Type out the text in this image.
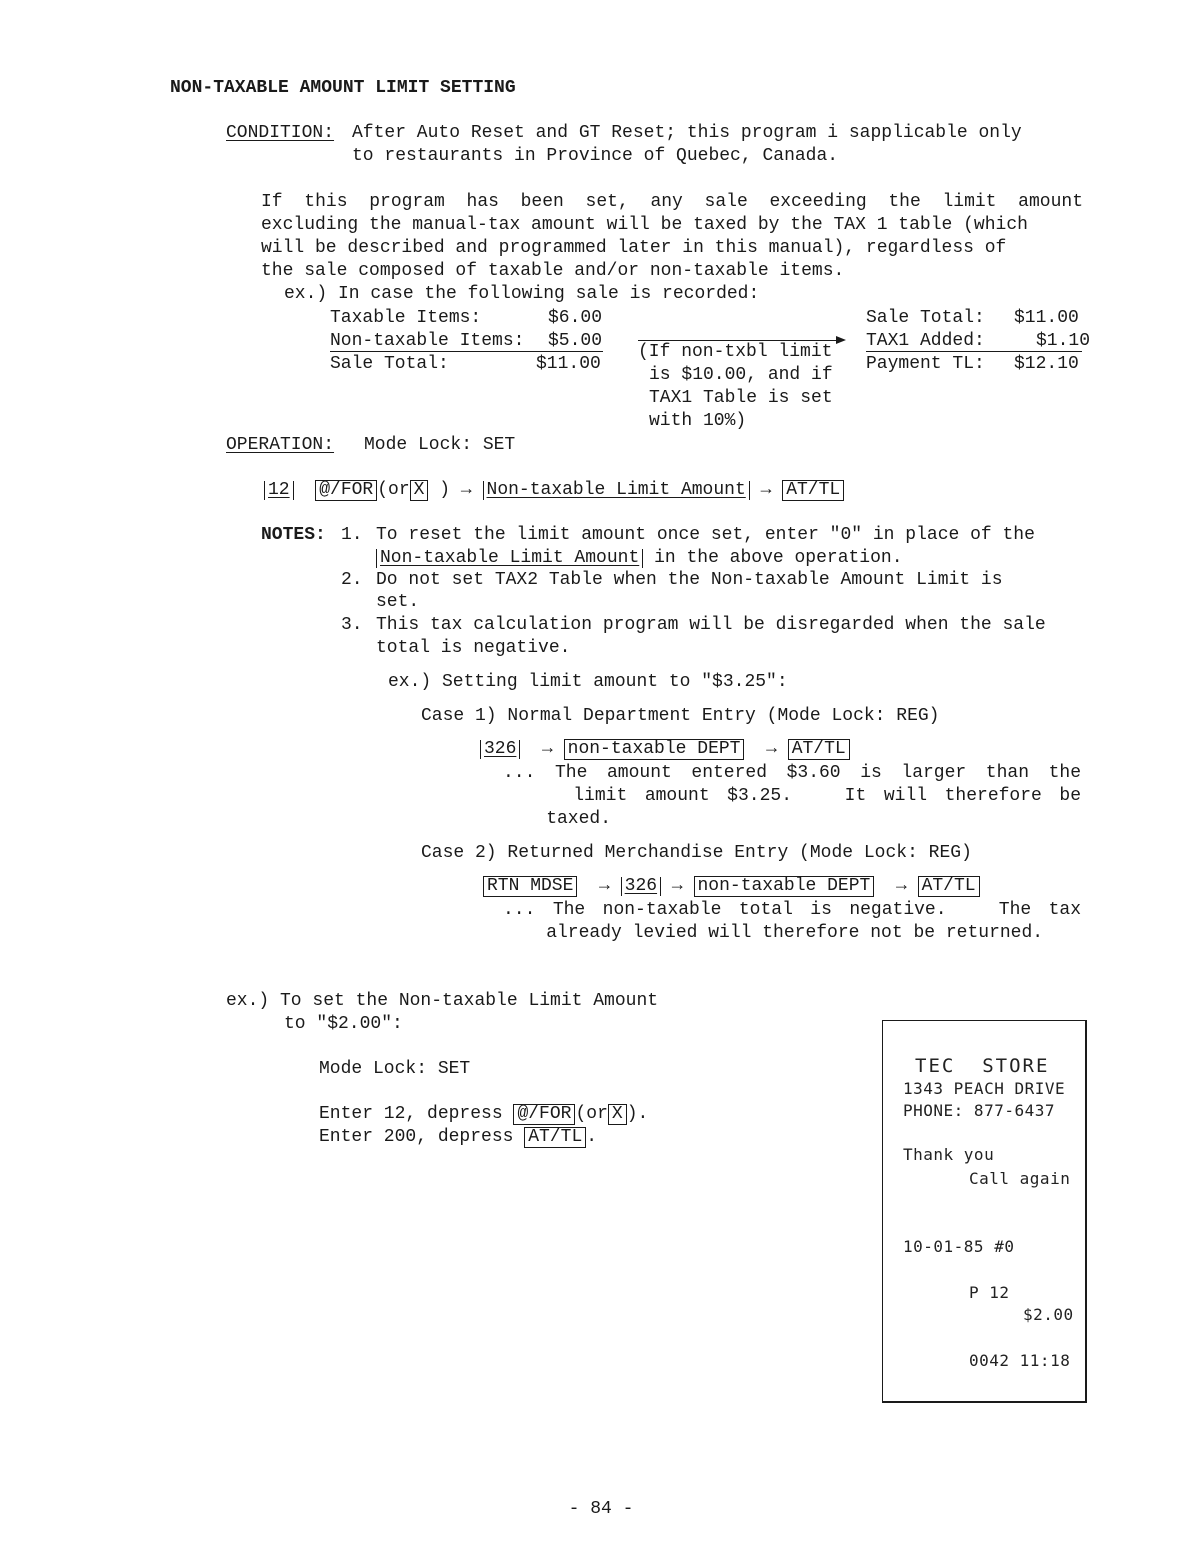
NON-TAXABLE AMOUNT LIMIT SETTING
CONDITION: After Auto Reset and GT Reset; this program i sapplicable only
to restaurants in Province of Quebec, Canada.
If this program has been set, any sale exceeding the limit amount
excluding the manual-tax amount will be taxed by the TAX 1 table (which
will be described and programmed later in this manual), regardless of
the sale composed of taxable and/or non-taxable items.
ex.) In case the following sale is recorded:
Taxable Items:	$6.00
Non-taxable Items: $5.00
Sale Total:	$11.00
(If non-txbl limit
is $10.00, and if
TAX1 Table is set
with 10%)
Sale Total: $11.00
TAX1 Added:	$1.10
Payment TL: $12.10
OPERATION: Mode Lock: SET
12 @/FOR (or X ) → Non-taxable Limit Amount → AT/TL
NOTES: 1. To reset the limit amount once set, enter "0" in place of the
Non-taxable Limit Amount in the above operation.
2. Do not set TAX2 Table when the Non-taxable Amount Limit is
set.
3. This tax calculation program will be disregarded when the sale
total is negative.
ex.) Setting limit amount to "$3.25":
Case 1) Normal Department Entry (Mode Lock: REG)
326 → non-taxable DEPT → AT/TL
... The amount entered $3.60 is larger than the
limit amount $3.25.   It will therefore be
taxed.
Case 2) Returned Merchandise Entry (Mode Lock: REG)
RTN MDSE → 326 → non-taxable DEPT → AT/TL
... The non-taxable total is negative.   The tax
already levied will therefore not be returned.
ex.) To set the Non-taxable Limit Amount
to "$2.00":
Mode Lock: SET
Enter 12, depress @/FOR (or X ).
Enter 200, depress AT/TL .
TEC  STORE
1343 PEACH DRIVE
PHONE: 877-6437
Thank you
Call again
10-01-85 #0
P 12
$2.00
0042 11:18
- 84 -
